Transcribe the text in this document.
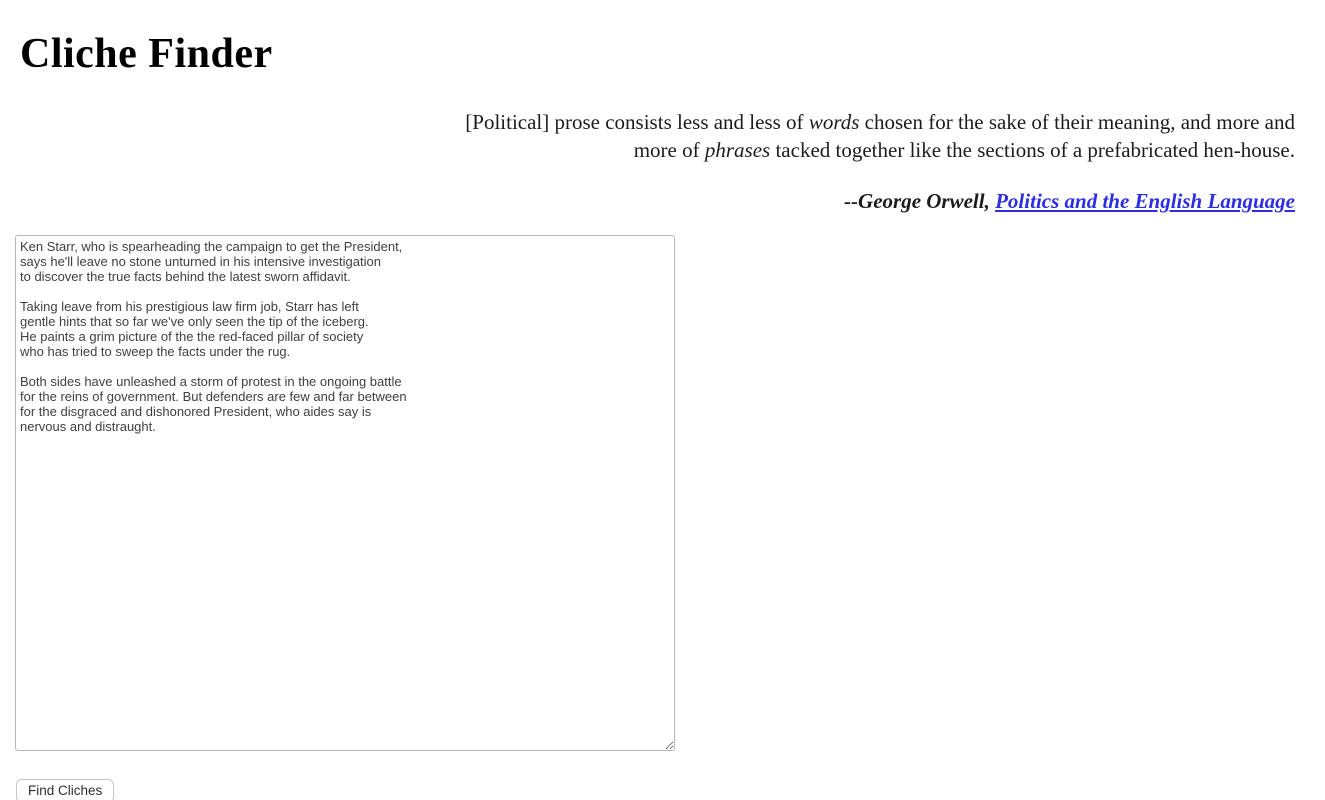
Cliche Finder
[Political] prose consists less and less of words chosen for the sake of their meaning, and more and more of phrases tacked together like the sections of a prefabricated hen-house.

--George Orwell, Politics and the English Language

Ken Starr, who is spearheading the campaign to get the President, says he'll leave no stone unturned in his intensive investigation to discover the true facts behind the latest sworn affidavit. Taking leave from his prestigious law firm job, Starr has left gentle hints that so far we've only seen the tip of the iceberg. He paints a grim picture of the the red-faced pillar of society who has tried to sweep the facts under the rug. Both sides have unleashed a storm of protest in the ongoing battle for the reins of government. But defenders are few and far between for the disgraced and dishonored President, who aides say is nervous and distraught.
Find Cliches
